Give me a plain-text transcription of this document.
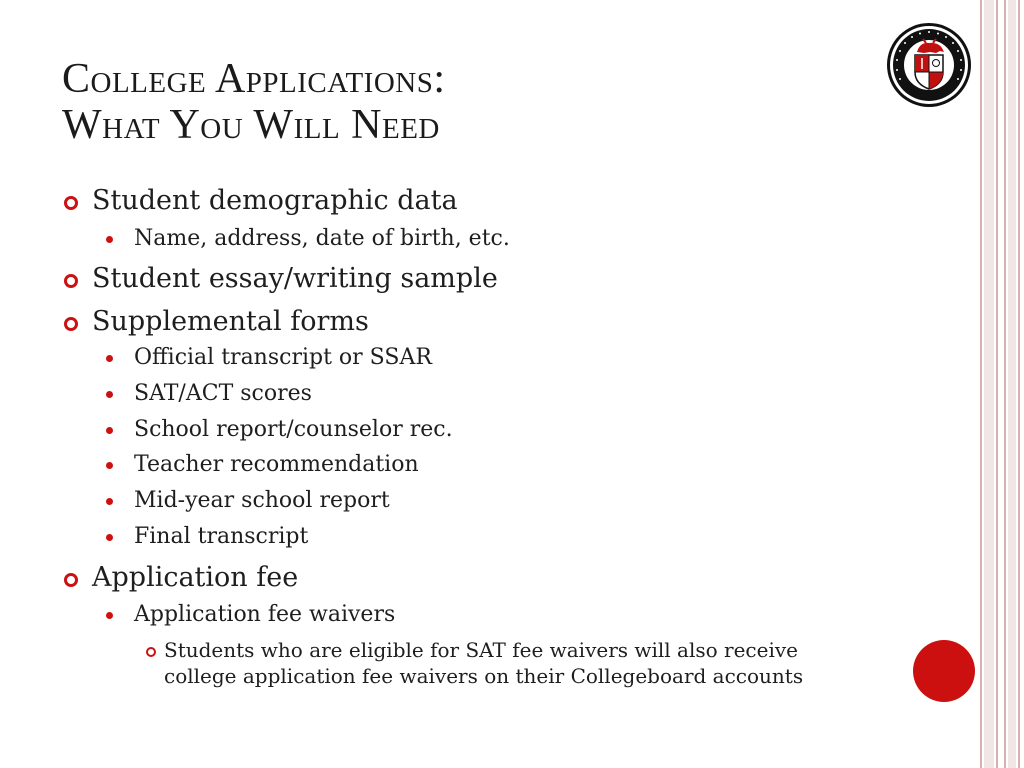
College Applications:
What You Will Need
Student demographic data
Name, address, date of birth, etc.
Student essay/writing sample
Supplemental forms
Official transcript or SSAR
SAT/ACT scores
School report/counselor rec.
Teacher recommendation
Mid-year school report
Final transcript
Application fee
Application fee waivers
Students who are eligible for SAT fee waivers will also receive
college application fee waivers on their Collegeboard accounts
